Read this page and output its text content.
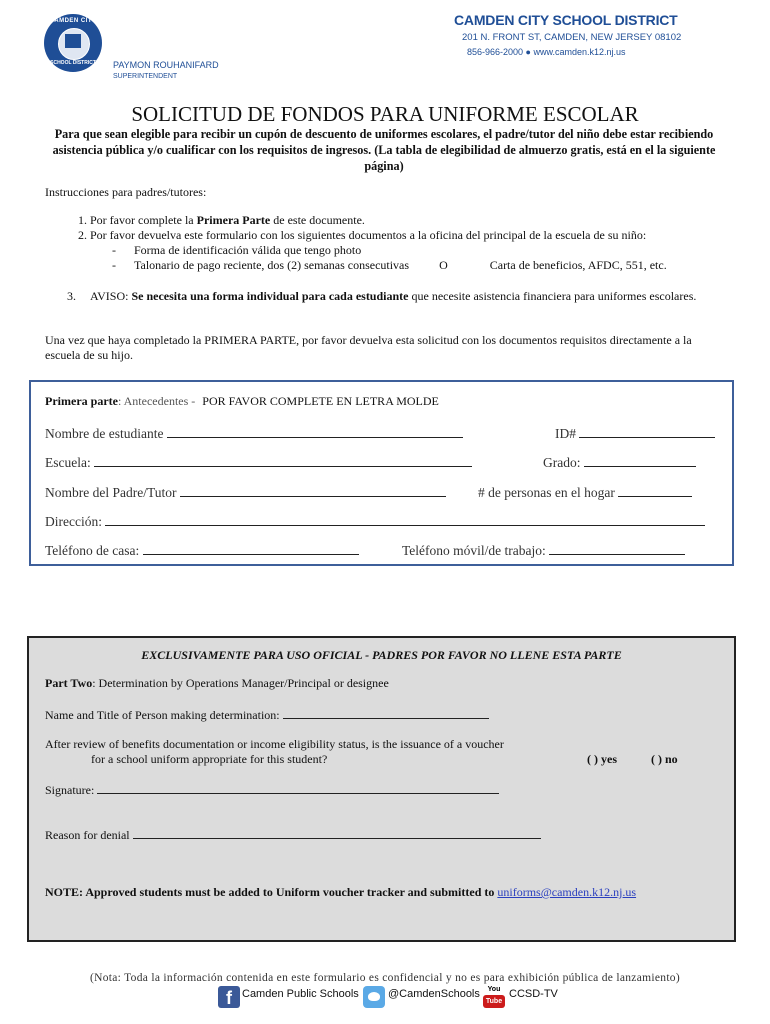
CAMDEN CITY
SCHOOL DISTRICT
CAMDEN CITY SCHOOL DISTRICT
201 N. FRONT ST, CAMDEN, NEW JERSEY 08102
856-966-2000 ● www.camden.k12.nj.us
PAYMON ROUHANIFARD
SUPERINTENDENT
SOLICITUD DE FONDOS PARA UNIFORME ESCOLAR
Para que sean elegible para recibir un cupón de descuento de uniformes escolares, el padre/tutor del niño debe estar recibiendo asistencia pública y/o cualificar con los requisitos de ingresos. (La tabla de elegibilidad de almuerzo gratis, está en el la siguiente página)
Instrucciones para padres/tutores:
1. Por favor complete la Primera Parte de este documente.
2. Por favor devuelva este formulario con los siguientes documentos a la oficina del principal de la escuela de su niño:
-	Forma de identificación válida que tengo photo
-	Talonario de pago reciente, dos (2) semanas consecutivas	O	Carta de beneficios, AFDC, 551, etc.
3. AVISO: Se necesita una forma individual para cada estudiante que necesite asistencia financiera para uniformes escolares.
Una vez que haya completado la PRIMERA PARTE, por favor devuelva esta solicitud con los documentos requisitos directamente a la escuela de su hijo.
Primera parte: Antecedentes - POR FAVOR COMPLETE EN LETRA MOLDE
Nombre de estudiante	ID#
Escuela:	Grado:
Nombre del Padre/Tutor	# de personas en el hogar
Dirección:
Teléfono de casa:	Teléfono móvil/de trabajo:
EXCLUSIVAMENTE PARA USO OFICIAL - PADRES POR FAVOR NO LLENE ESTA PARTE
Part Two: Determination by Operations Manager/Principal or designee
Name and Title of Person making determination:
After review of benefits documentation or income eligibility status, is the issuance of a voucher
for a school uniform appropriate for this student?	( ) yes	( ) no
Signature:
Reason for denial
NOTE: Approved students must be added to Uniform voucher tracker and submitted to uniforms@camden.k12.nj.us
(Nota: Toda la información contenida en este formulario es confidencial y no es para exhibición pública de lanzamiento)
f Camden Public Schools	@CamdenSchools	You
Tube
CCSD-TV
